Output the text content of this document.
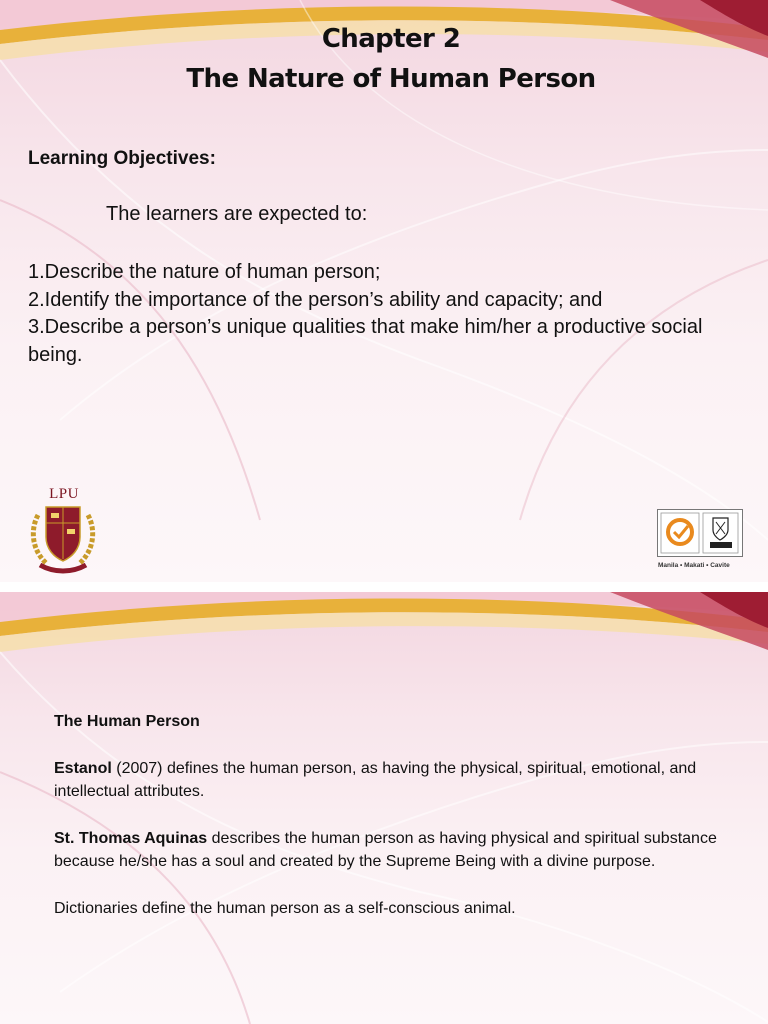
Chapter 2
The Nature of Human Person
Learning Objectives:
The learners are expected to:
1.Describe the nature of human person;
2.Identify the importance of the person’s ability and capacity; and
3.Describe a person’s unique qualities that make him/her a productive social being.
LPU
Manila • Makati • Cavite
The Human Person
Estanol (2007) defines the human person, as having the physical, spiritual, emotional, and intellectual attributes.
St. Thomas Aquinas describes the human person as having physical and spiritual substance because he/she has a soul and created by the Supreme Being with a divine purpose.
Dictionaries define the human person as a self-conscious animal.
